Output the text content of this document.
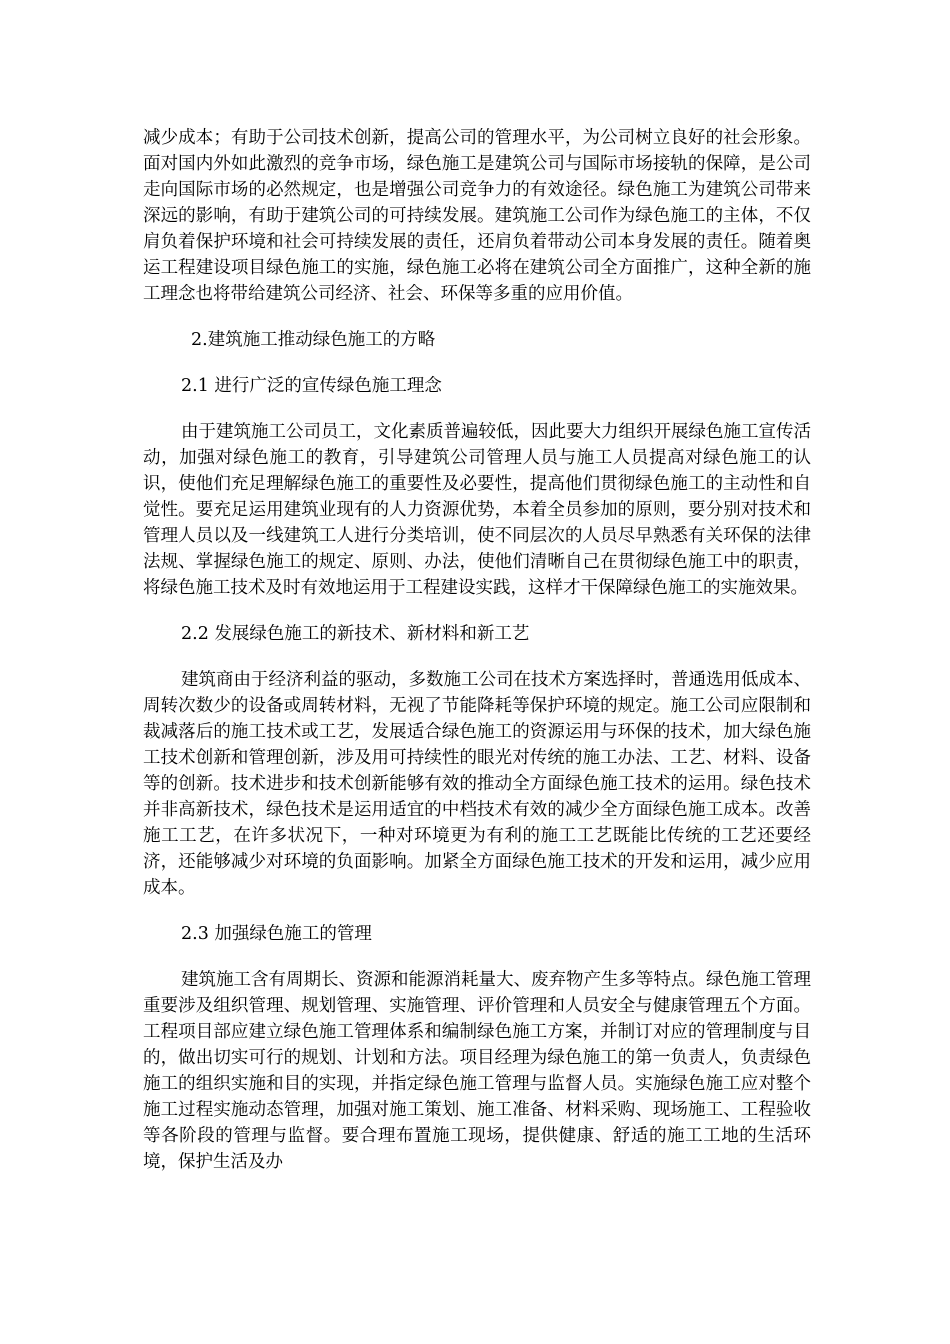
减少成本；有助于公司技术创新，提高公司的管理水平，为公司树立良好的社会形象。面对国内外如此激烈的竞争市场，绿色施工是建筑公司与国际市场接轨的保障，是公司走向国际市场的必然规定，也是增强公司竞争力的有效途径。绿色施工为建筑公司带来深远的影响，有助于建筑公司的可持续发展。建筑施工公司作为绿色施工的主体，不仅肩负着保护环境和社会可持续发展的责任，还肩负着带动公司本身发展的责任。随着奥运工程建设项目绿色施工的实施，绿色施工必将在建筑公司全方面推广，这种全新的施工理念也将带给建筑公司经济、社会、环保等多重的应用价值。

2.建筑施工推动绿色施工的方略

2.1 进行广泛的宣传绿色施工理念

由于建筑施工公司员工，文化素质普遍较低，因此要大力组织开展绿色施工宣传活动，加强对绿色施工的教育，引导建筑公司管理人员与施工人员提高对绿色施工的认识，使他们充足理解绿色施工的重要性及必要性，提高他们贯彻绿色施工的主动性和自觉性。要充足运用建筑业现有的人力资源优势，本着全员参加的原则，要分别对技术和管理人员以及一线建筑工人进行分类培训，使不同层次的人员尽早熟悉有关环保的法律法规、掌握绿色施工的规定、原则、办法，使他们清晰自己在贯彻绿色施工中的职责，将绿色施工技术及时有效地运用于工程建设实践，这样才干保障绿色施工的实施效果。

2.2 发展绿色施工的新技术、新材料和新工艺

建筑商由于经济利益的驱动，多数施工公司在技术方案选择时，普通选用低成本、周转次数少的设备或周转材料，无视了节能降耗等保护环境的规定。施工公司应限制和裁减落后的施工技术或工艺，发展适合绿色施工的资源运用与环保的技术，加大绿色施工技术创新和管理创新，涉及用可持续性的眼光对传统的施工办法、工艺、材料、设备等的创新。技术进步和技术创新能够有效的推动全方面绿色施工技术的运用。绿色技术并非高新技术，绿色技术是运用适宜的中档技术有效的减少全方面绿色施工成本。改善施工工艺，在许多状况下，一种对环境更为有利的施工工艺既能比传统的工艺还要经济，还能够减少对环境的负面影响。加紧全方面绿色施工技术的开发和运用，减少应用成本。

2.3 加强绿色施工的管理

建筑施工含有周期长、资源和能源消耗量大、废弃物产生多等特点。绿色施工管理重要涉及组织管理、规划管理、实施管理、评价管理和人员安全与健康管理五个方面。工程项目部应建立绿色施工管理体系和编制绿色施工方案，并制订对应的管理制度与目的，做出切实可行的规划、计划和方法。项目经理为绿色施工的第一负责人，负责绿色施工的组织实施和目的实现，并指定绿色施工管理与监督人员。实施绿色施工应对整个施工过程实施动态管理，加强对施工策划、施工准备、材料采购、现场施工、工程验收等各阶段的管理与监督。要合理布置施工现场，提供健康、舒适的施工工地的生活环境，保护生活及办
